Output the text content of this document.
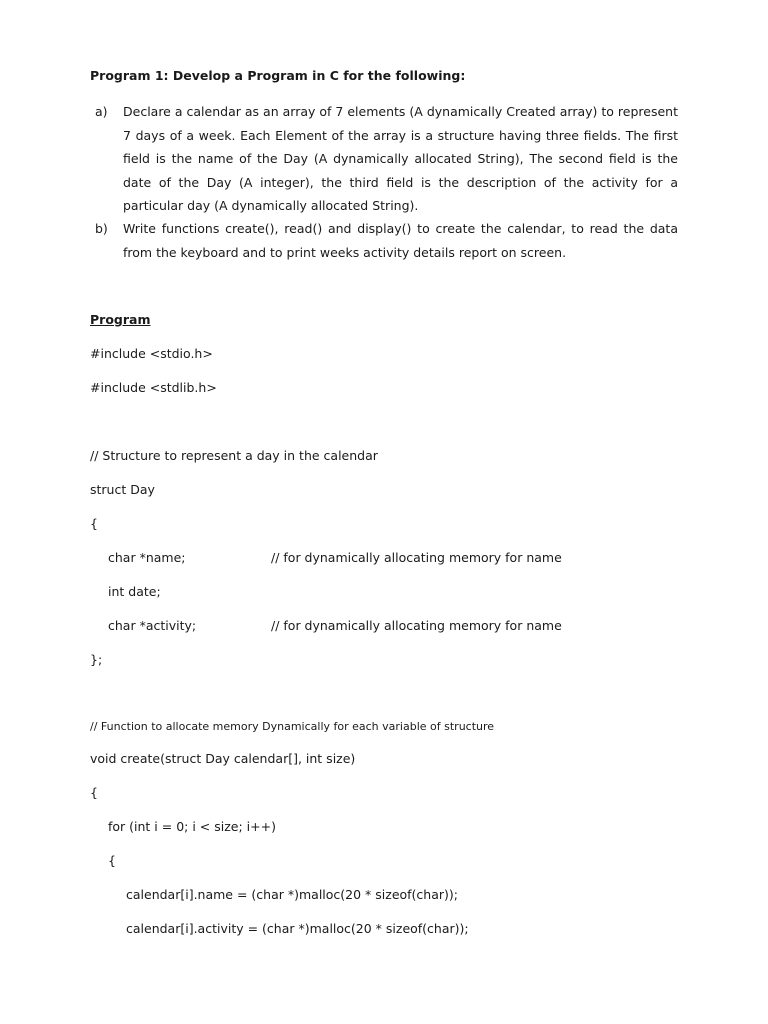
Program 1: Develop a Program in C for the following:
a) Declare a calendar as an array of 7 elements (A dynamically Created array) to represent 7 days of a week. Each Element of the array is a structure having three fields. The first field is the name of the Day (A dynamically allocated String), The second field is the date of the Day (A integer), the third field is the description of the activity for a particular day (A dynamically allocated String).
b) Write functions create(), read() and display() to create the calendar, to read the data from the keyboard and to print weeks activity details report on screen.
Program
#include <stdio.h>
#include <stdlib.h>
// Structure to represent a day in the calendar
struct Day
{
char *name;	// for dynamically allocating memory for name
int date;
char *activity;	// for dynamically allocating memory for name
};
// Function to allocate memory Dynamically for each variable of structure
void create(struct Day calendar[], int size)
{
for (int i = 0; i < size; i++)
{
calendar[i].name = (char *)malloc(20 * sizeof(char));
calendar[i].activity = (char *)malloc(20 * sizeof(char));
